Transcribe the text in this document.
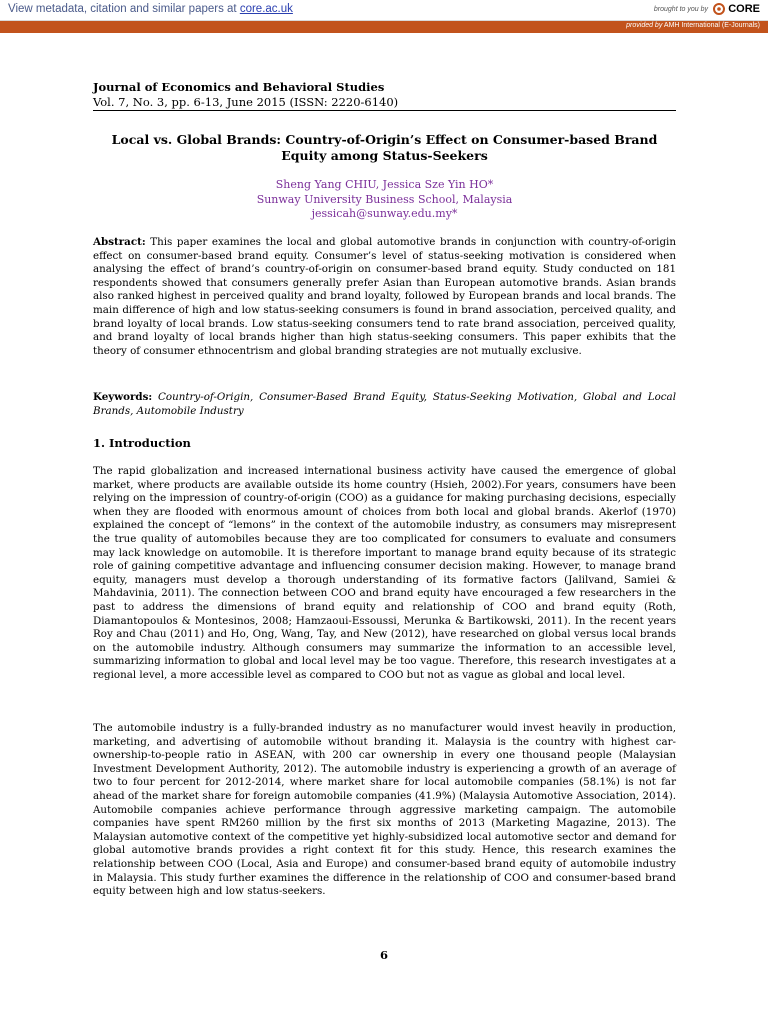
View metadata, citation and similar papers at core.ac.uk	brought to you by CORE
provided by AMH International (E-Journals)
Journal of Economics and Behavioral Studies
Vol. 7, No. 3, pp. 6-13, June 2015 (ISSN: 2220-6140)
Local vs. Global Brands: Country-of-Origin’s Effect on Consumer-based Brand Equity among Status-Seekers
Sheng Yang CHIU, Jessica Sze Yin HO*
Sunway University Business School, Malaysia
jessicah@sunway.edu.my*
Abstract: This paper examines the local and global automotive brands in conjunction with country-of-origin effect on consumer-based brand equity. Consumer’s level of status-seeking motivation is considered when analysing the effect of brand’s country-of-origin on consumer-based brand equity. Study conducted on 181 respondents showed that consumers generally prefer Asian than European automotive brands. Asian brands also ranked highest in perceived quality and brand loyalty, followed by European brands and local brands. The main difference of high and low status-seeking consumers is found in brand association, perceived quality, and brand loyalty of local brands. Low status-seeking consumers tend to rate brand association, perceived quality, and brand loyalty of local brands higher than high status-seeking consumers. This paper exhibits that the theory of consumer ethnocentrism and global branding strategies are not mutually exclusive.
Keywords: Country-of-Origin, Consumer-Based Brand Equity, Status-Seeking Motivation, Global and Local Brands, Automobile Industry
1. Introduction
The rapid globalization and increased international business activity have caused the emergence of global market, where products are available outside its home country (Hsieh, 2002).For years, consumers have been relying on the impression of country-of-origin (COO) as a guidance for making purchasing decisions, especially when they are flooded with enormous amount of choices from both local and global brands. Akerlof (1970) explained the concept of “lemons” in the context of the automobile industry, as consumers may misrepresent the true quality of automobiles because they are too complicated for consumers to evaluate and consumers may lack knowledge on automobile. It is therefore important to manage brand equity because of its strategic role of gaining competitive advantage and influencing consumer decision making. However, to manage brand equity, managers must develop a thorough understanding of its formative factors (Jalilvand, Samiei & Mahdavinia, 2011). The connection between COO and brand equity have encouraged a few researchers in the past to address the dimensions of brand equity and relationship of COO and brand equity (Roth, Diamantopoulos & Montesinos, 2008; Hamzaoui-Essoussi, Merunka & Bartikowski, 2011). In the recent years Roy and Chau (2011) and Ho, Ong, Wang, Tay, and New (2012), have researched on global versus local brands on the automobile industry. Although consumers may summarize the information to an accessible level, summarizing information to global and local level may be too vague. Therefore, this research investigates at a regional level, a more accessible level as compared to COO but not as vague as global and local level.
The automobile industry is a fully-branded industry as no manufacturer would invest heavily in production, marketing, and advertising of automobile without branding it. Malaysia is the country with highest car-ownership-to-people ratio in ASEAN, with 200 car ownership in every one thousand people (Malaysian Investment Development Authority, 2012). The automobile industry is experiencing a growth of an average of two to four percent for 2012-2014, where market share for local automobile companies (58.1%) is not far ahead of the market share for foreign automobile companies (41.9%) (Malaysia Automotive Association, 2014). Automobile companies achieve performance through aggressive marketing campaign. The automobile companies have spent RM260 million by the first six months of 2013 (Marketing Magazine, 2013). The Malaysian automotive context of the competitive yet highly-subsidized local automotive sector and demand for global automotive brands provides a right context fit for this study. Hence, this research examines the relationship between COO (Local, Asia and Europe) and consumer-based brand equity of automobile industry in Malaysia. This study further examines the difference in the relationship of COO and consumer-based brand equity between high and low status-seekers.
6
